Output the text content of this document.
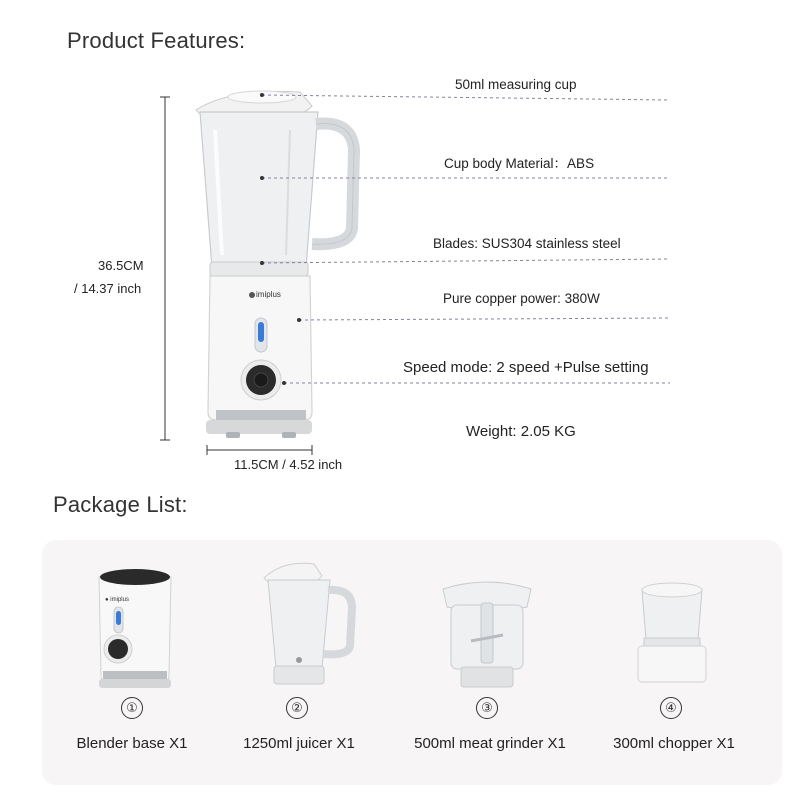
Product Features:
Package List:
imiplus
36.5CM
/ 14.37 inch
11.5CM / 4.52 inch
50ml measuring cup
Cup body Material：ABS
Blades: SUS304 stainless steel
Pure copper power: 380W
Speed mode: 2 speed +Pulse setting
Weight: 2.05 KG
● imiplus
①	②	③	④
Blender base X1	1250ml juicer X1	500ml meat grinder X1	300ml chopper X1
